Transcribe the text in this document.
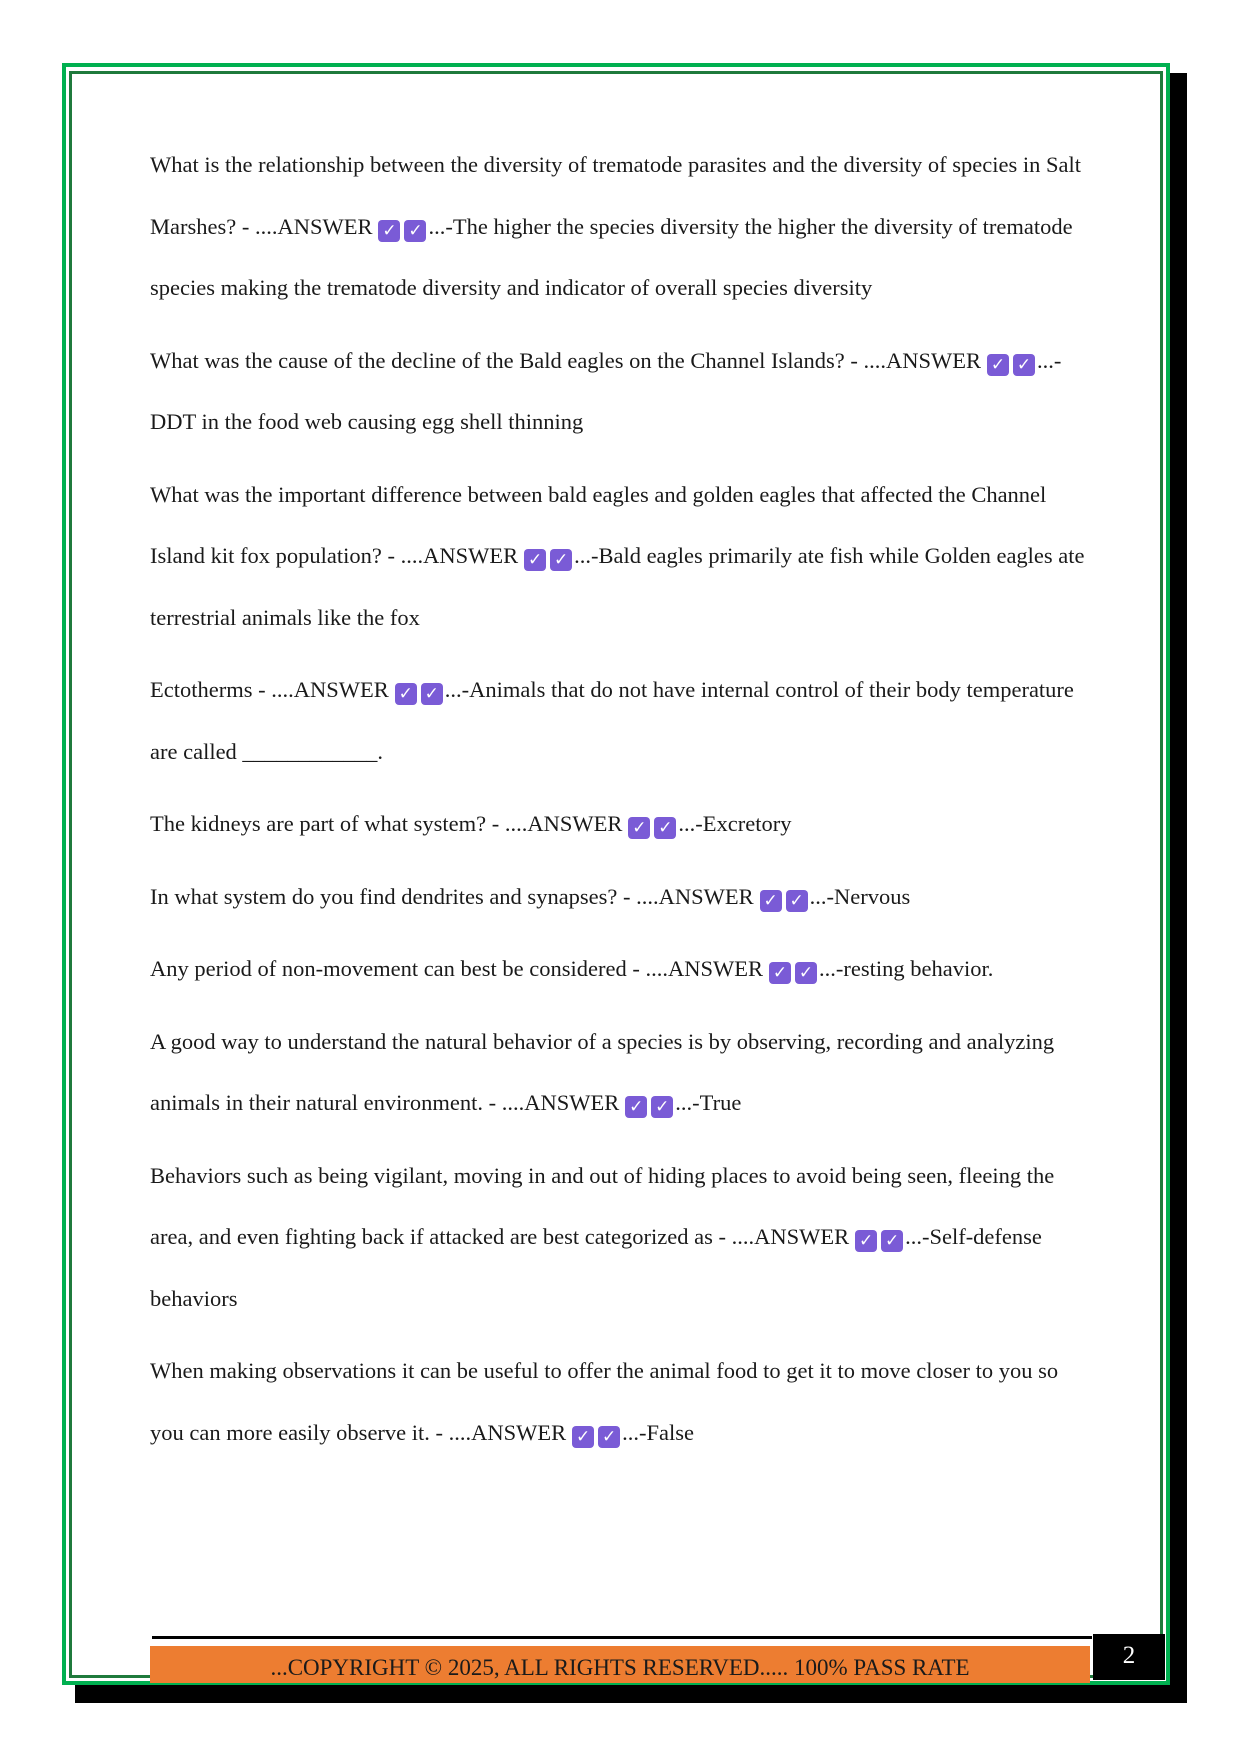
What is the relationship between the diversity of trematode parasites and the diversity of species in Salt Marshes? - ....ANSWER ✓ ✓ ...-The higher the species diversity the higher the diversity of trematode species making the trematode diversity and indicator of overall species diversity

What was the cause of the decline of the Bald eagles on the Channel Islands? - ....ANSWER ✓ ✓ ...-DDT in the food web causing egg shell thinning

What was the important difference between bald eagles and golden eagles that affected the Channel Island kit fox population? - ....ANSWER ✓ ✓ ...-Bald eagles primarily ate fish while Golden eagles ate terrestrial animals like the fox

Ectotherms - ....ANSWER ✓ ✓ ...-Animals that do not have internal control of their body temperature are called ____________.

The kidneys are part of what system? - ....ANSWER ✓ ✓ ...-Excretory

In what system do you find dendrites and synapses? - ....ANSWER ✓ ✓ ...-Nervous

Any period of non-movement can best be considered - ....ANSWER ✓ ✓ ...-resting behavior.

A good way to understand the natural behavior of a species is by observing, recording and analyzing animals in their natural environment. - ....ANSWER ✓ ✓ ...-True

Behaviors such as being vigilant, moving in and out of hiding places to avoid being seen, fleeing the area, and even fighting back if attacked are best categorized as - ....ANSWER ✓ ✓ ...-Self-defense behaviors

When making observations it can be useful to offer the animal food to get it to move closer to you so you can more easily observe it. - ....ANSWER ✓ ✓ ...-False

...COPYRIGHT © 2025, ALL RIGHTS RESERVED..... 100% PASS RATE	2
